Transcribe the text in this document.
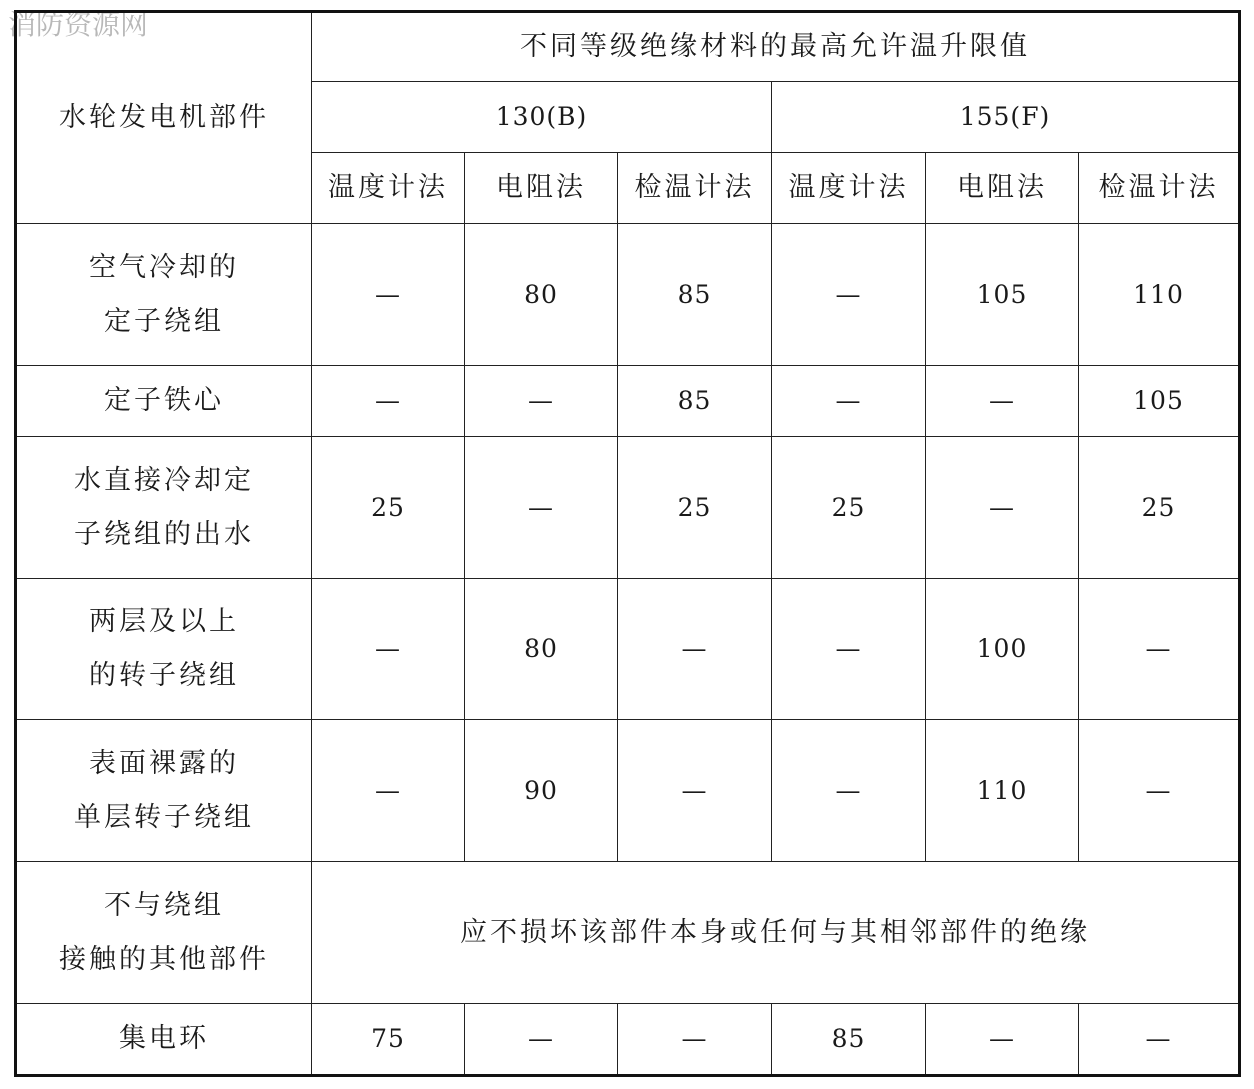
消防资源网
水轮发电机部件	不同等级绝缘材料的最高允许温升限值					
	130(B)			155(F)		
	温度计法	电阻法	检温计法	温度计法	电阻法	检温计法

空气冷却的
定子绕组	—	80	85	—	105	110

定子铁心	—	—	85	—	—	105

水直接冷却定
子绕组的出水	25	—	25	25	—	25

两层及以上
的转子绕组	—	80	—	—	100	—

表面裸露的
单层转子绕组	—	90	—	—	110	—

不与绕组
接触的其他部件	应不损坏该部件本身或任何与其相邻部件的绝缘					

集电环	75	—	—	85	—	—
